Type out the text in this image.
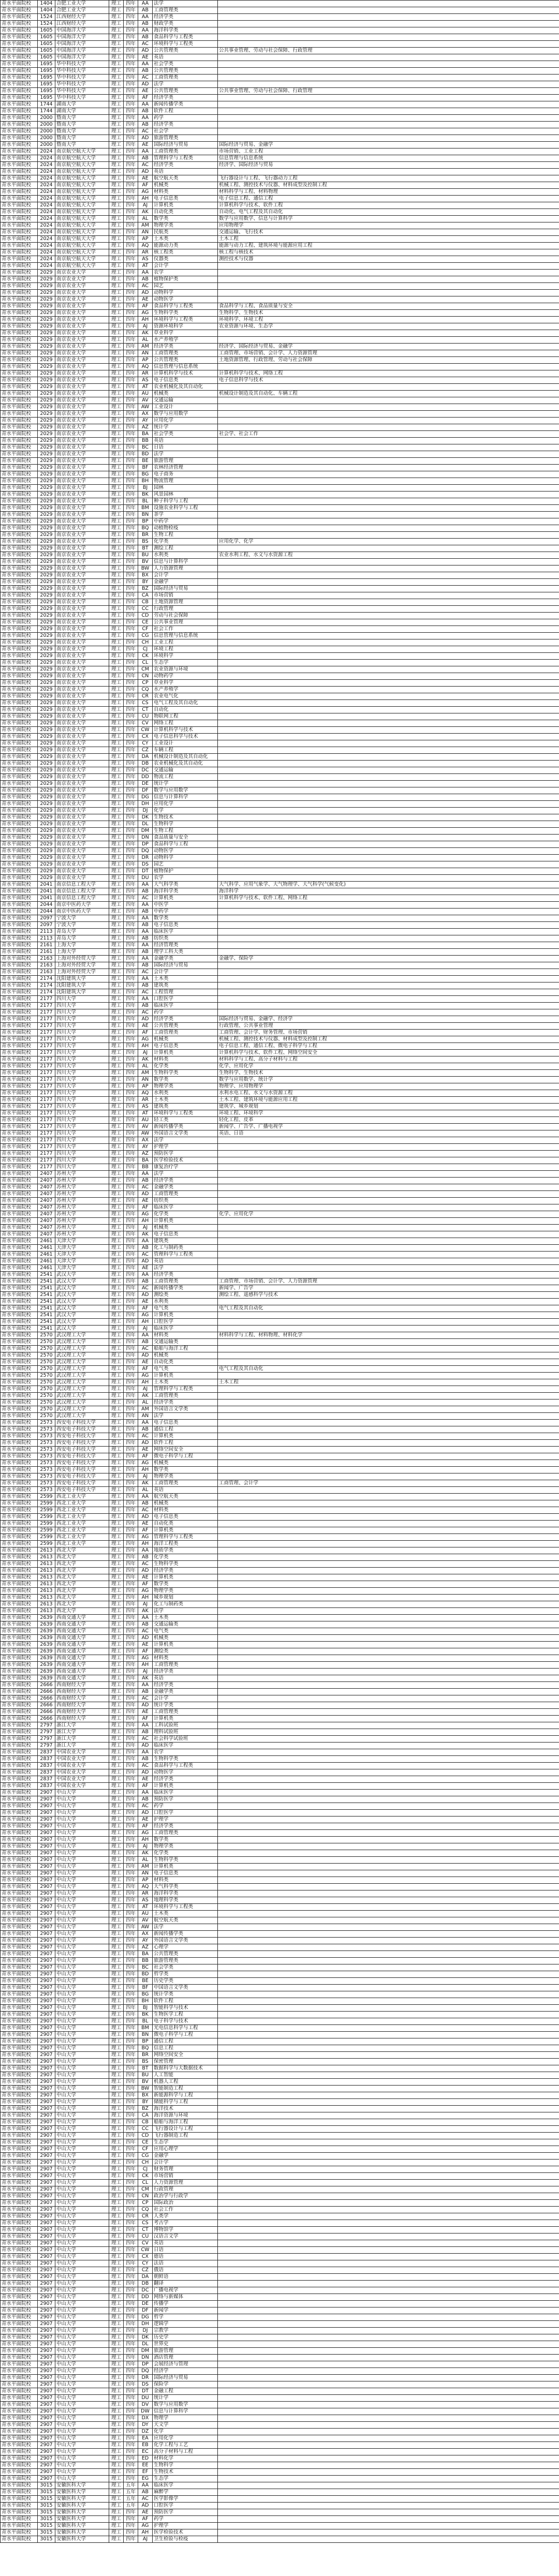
青水平面院校	1404	合肥工业大学	理工	四年	AA	法学	
青水平面院校	1404	合肥工业大学	理工	四年	AB	工商管理类	
青水平面院校	1524	江西财经大学	理工	四年	AA	经济学类	
青水平面院校	1524	江西财经大学	理工	四年	AB	财政学类	
青水平面院校	1605	中国海洋大学	理工	四年	AA	海洋科学类	
青水平面院校	1605	中国海洋大学	理工	四年	AB	食品科学与工程类	
青水平面院校	1605	中国海洋大学	理工	四年	AC	环境科学与工程类	
青水平面院校	1605	中国海洋大学	理工	四年	AD	公共管理类	公共事业管理、劳动与社会保障、行政管理
青水平面院校	1605	中国海洋大学	理工	四年	AE	英语	
青水平面院校	1695	华中科技大学	理工	四年	AA	社会学类	
青水平面院校	1695	华中科技大学	理工	四年	AB	公共管理类	
青水平面院校	1695	华中科技大学	理工	四年	AC	工商管理类	
青水平面院校	1695	华中科技大学	理工	四年	AD	法学	
青水平面院校	1695	华中科技大学	理工	四年	AE	公共管理类	公共事业管理、劳动与社会保障、行政管理
青水平面院校	1695	华中科技大学	理工	四年	AF	经济学类	
青水平面院校	1744	湖南大学	理工	四年	AA	新闻传播学类	
青水平面院校	1744	湖南大学	理工	四年	AB	软件工程	
青水平面院校	2000	暨南大学	理工	四年	AA	药学	
青水平面院校	2000	暨南大学	理工	四年	AB	经济学类	
青水平面院校	2000	暨南大学	理工	四年	AC	社会学	
青水平面院校	2000	暨南大学	理工	四年	AD	旅游管理类	
青水平面院校	2000	暨南大学	理工	四年	AE	国际经济与贸易	国际经济与贸易、金融学
青水平面院校	2024	南京航空航天大学	理工	四年	AA	工商管理类	市场营销、工业工程
青水平面院校	2024	南京航空航天大学	理工	四年	AB	管理科学与工程类	信息管理与信息系统
青水平面院校	2024	南京航空航天大学	理工	四年	AC	经济学类	经济学、国际经济与贸易
青水平面院校	2024	南京航空航天大学	理工	四年	AD	英语	
青水平面院校	2024	南京航空航天大学	理工	四年	AE	航空航天类	飞行器设计与工程、飞行器动力工程
青水平面院校	2024	南京航空航天大学	理工	四年	AF	机械类	机械工程、测控技术与仪器、材料成型及控制工程
青水平面院校	2024	南京航空航天大学	理工	四年	AG	材料类	材料科学与工程、材料物理
青水平面院校	2024	南京航空航天大学	理工	四年	AH	电子信息类	电子信息工程、通信工程
青水平面院校	2024	南京航空航天大学	理工	四年	AJ	计算机类	计算机科学与技术、软件工程
青水平面院校	2024	南京航空航天大学	理工	四年	AK	自动化类	自动化、电气工程及其自动化
青水平面院校	2024	南京航空航天大学	理工	四年	AL	数学类	数学与应用数学、信息与计算科学
青水平面院校	2024	南京航空航天大学	理工	四年	AM	物理学类	应用物理学
青水平面院校	2024	南京航空航天大学	理工	四年	AN	民航类	交通运输、飞行技术
青水平面院校	2024	南京航空航天大学	理工	四年	AP	土木类	土木工程
青水平面院校	2024	南京航空航天大学	理工	四年	AQ	能源动力类	能源与动力工程、建筑环境与能源应用工程
青水平面院校	2024	南京航空航天大学	理工	四年	AR	核工程类	核工程与核技术
青水平面院校	2024	南京航空航天大学	理工	四年	AS	仪器类	测控技术与仪器
青水平面院校	2024	南京航空航天大学	理工	四年	AT	会计学	
青水平面院校	2029	南京农业大学	理工	四年	AA	农学	
青水平面院校	2029	南京农业大学	理工	四年	AB	植物保护类	
青水平面院校	2029	南京农业大学	理工	四年	AC	园艺	
青水平面院校	2029	南京农业大学	理工	四年	AD	动物科学	
青水平面院校	2029	南京农业大学	理工	四年	AE	动物医学	
青水平面院校	2029	南京农业大学	理工	四年	AF	食品科学与工程类	食品科学与工程、食品质量与安全
青水平面院校	2029	南京农业大学	理工	四年	AG	生物科学类	生物科学、生物技术
青水平面院校	2029	南京农业大学	理工	四年	AH	环境科学与工程类	环境科学、环境工程
青水平面院校	2029	南京农业大学	理工	四年	AJ	资源环境科学	农业资源与环境、生态学
青水平面院校	2029	南京农业大学	理工	四年	AK	草业科学	
青水平面院校	2029	南京农业大学	理工	四年	AL	水产养殖学	
青水平面院校	2029	南京农业大学	理工	四年	AM	经济学类	经济学、国际经济与贸易、金融学
青水平面院校	2029	南京农业大学	理工	四年	AN	工商管理类	工商管理、市场营销、会计学、人力资源管理
青水平面院校	2029	南京农业大学	理工	四年	AP	公共管理类	土地资源管理、行政管理、劳动与社会保障
青水平面院校	2029	南京农业大学	理工	四年	AQ	信息管理与信息系统	
青水平面院校	2029	南京农业大学	理工	四年	AR	计算机科学与技术	计算机科学与技术、网络工程
青水平面院校	2029	南京农业大学	理工	四年	AS	电子信息类	电子信息科学与技术
青水平面院校	2029	南京农业大学	理工	四年	AT	农业机械化及其自动化	
青水平面院校	2029	南京农业大学	理工	四年	AU	机械类	机械设计制造及其自动化、车辆工程
青水平面院校	2029	南京农业大学	理工	四年	AV	交通运输	
青水平面院校	2029	南京农业大学	理工	四年	AW	工业设计	
青水平面院校	2029	南京农业大学	理工	四年	AX	数学与应用数学	
青水平面院校	2029	南京农业大学	理工	四年	AY	应用化学	
青水平面院校	2029	南京农业大学	理工	四年	AZ	统计学	
青水平面院校	2029	南京农业大学	理工	四年	BA	社会学类	社会学、社会工作
青水平面院校	2029	南京农业大学	理工	四年	BB	英语	
青水平面院校	2029	南京农业大学	理工	四年	BC	日语	
青水平面院校	2029	南京农业大学	理工	四年	BD	法学	
青水平面院校	2029	南京农业大学	理工	四年	BE	旅游管理	
青水平面院校	2029	南京农业大学	理工	四年	BF	农林经济管理	
青水平面院校	2029	南京农业大学	理工	四年	BG	电子商务	
青水平面院校	2029	南京农业大学	理工	四年	BH	物流管理	
青水平面院校	2029	南京农业大学	理工	四年	BJ	园林	
青水平面院校	2029	南京农业大学	理工	四年	BK	风景园林	
青水平面院校	2029	南京农业大学	理工	四年	BL	种子科学与工程	
青水平面院校	2029	南京农业大学	理工	四年	BM	设施农业科学与工程	
青水平面院校	2029	南京农业大学	理工	四年	BN	茶学	
青水平面院校	2029	南京农业大学	理工	四年	BP	中药学	
青水平面院校	2029	南京农业大学	理工	四年	BQ	动植物检疫	
青水平面院校	2029	南京农业大学	理工	四年	BR	生物工程	
青水平面院校	2029	南京农业大学	理工	四年	BS	化学类	应用化学、化学
青水平面院校	2029	南京农业大学	理工	四年	BT	测绘工程	
青水平面院校	2029	南京农业大学	理工	四年	BU	水利类	农业水利工程、水文与水资源工程
青水平面院校	2029	南京农业大学	理工	四年	BV	信息与计算科学	
青水平面院校	2029	南京农业大学	理工	四年	BW	人力资源管理	
青水平面院校	2029	南京农业大学	理工	四年	BX	会计学	
青水平面院校	2029	南京农业大学	理工	四年	BY	金融学	
青水平面院校	2029	南京农业大学	理工	四年	BZ	国际经济与贸易	
青水平面院校	2029	南京农业大学	理工	四年	CA	市场营销	
青水平面院校	2029	南京农业大学	理工	四年	CB	土地资源管理	
青水平面院校	2029	南京农业大学	理工	四年	CC	行政管理	
青水平面院校	2029	南京农业大学	理工	四年	CD	劳动与社会保障	
青水平面院校	2029	南京农业大学	理工	四年	CE	公共事业管理	
青水平面院校	2029	南京农业大学	理工	四年	CF	社会工作	
青水平面院校	2029	南京农业大学	理工	四年	CG	信息管理与信息系统	
青水平面院校	2029	南京农业大学	理工	四年	CH	工业工程	
青水平面院校	2029	南京农业大学	理工	四年	CJ	环境工程	
青水平面院校	2029	南京农业大学	理工	四年	CK	环境科学	
青水平面院校	2029	南京农业大学	理工	四年	CL	生态学	
青水平面院校	2029	南京农业大学	理工	四年	CM	农业资源与环境	
青水平面院校	2029	南京农业大学	理工	四年	CN	动物药学	
青水平面院校	2029	南京农业大学	理工	四年	CP	草业科学	
青水平面院校	2029	南京农业大学	理工	四年	CQ	水产养殖学	
青水平面院校	2029	南京农业大学	理工	四年	CR	农业电气化	
青水平面院校	2029	南京农业大学	理工	四年	CS	电气工程及其自动化	
青水平面院校	2029	南京农业大学	理工	四年	CT	自动化	
青水平面院校	2029	南京农业大学	理工	四年	CU	物联网工程	
青水平面院校	2029	南京农业大学	理工	四年	CV	网络工程	
青水平面院校	2029	南京农业大学	理工	四年	CW	计算机科学与技术	
青水平面院校	2029	南京农业大学	理工	四年	CX	电子信息科学与技术	
青水平面院校	2029	南京农业大学	理工	四年	CY	工业设计	
青水平面院校	2029	南京农业大学	理工	四年	CZ	车辆工程	
青水平面院校	2029	南京农业大学	理工	四年	DA	机械设计制造及其自动化	
青水平面院校	2029	南京农业大学	理工	四年	DB	农业机械化及其自动化	
青水平面院校	2029	南京农业大学	理工	四年	DC	交通运输	
青水平面院校	2029	南京农业大学	理工	四年	DD	物流工程	
青水平面院校	2029	南京农业大学	理工	四年	DE	统计学	
青水平面院校	2029	南京农业大学	理工	四年	DF	数学与应用数学	
青水平面院校	2029	南京农业大学	理工	四年	DG	信息与计算科学	
青水平面院校	2029	南京农业大学	理工	四年	DH	应用化学	
青水平面院校	2029	南京农业大学	理工	四年	DJ	化学	
青水平面院校	2029	南京农业大学	理工	四年	DK	生物技术	
青水平面院校	2029	南京农业大学	理工	四年	DL	生物科学	
青水平面院校	2029	南京农业大学	理工	四年	DM	生物工程	
青水平面院校	2029	南京农业大学	理工	四年	DN	食品质量与安全	
青水平面院校	2029	南京农业大学	理工	四年	DP	食品科学与工程	
青水平面院校	2029	南京农业大学	理工	四年	DQ	动物医学	
青水平面院校	2029	南京农业大学	理工	四年	DR	动物科学	
青水平面院校	2029	南京农业大学	理工	四年	DS	园艺	
青水平面院校	2029	南京农业大学	理工	四年	DT	植物保护	
青水平面院校	2029	南京农业大学	理工	四年	DU	农学	
青水平面院校	2041	南京信息工程大学	理工	四年	AA	大气科学类	大气科学、应用气象学、大气物理学、大气科学(气候变化)
青水平面院校	2041	南京信息工程大学	理工	四年	AB	海洋科学类	海洋科学
青水平面院校	2041	南京信息工程大学	理工	四年	AC	计算机类	计算机科学与技术、软件工程、网络工程
青水平面院校	2044	南京中医药大学	理工	四年	AA	中医学	
青水平面院校	2044	南京中医药大学	理工	四年	AB	中药学	
青水平面院校	2097	宁波大学	理工	四年	AA	数学类	
青水平面院校	2097	宁波大学	理工	四年	AB	电子信息类	
青水平面院校	2113	青岛大学	理工	四年	AA	临床医学	
青水平面院校	2113	青岛大学	理工	四年	AB	纺织类	
青水平面院校	2161	上海大学	理工	四年	AA	经济管理类	
青水平面院校	2161	上海大学	理工	四年	AB	理学工科大类	
青水平面院校	2163	上海对外经贸大学	理工	四年	AA	金融学类	金融学、保险学
青水平面院校	2163	上海对外经贸大学	理工	四年	AB	国际经济与贸易	
青水平面院校	2163	上海对外经贸大学	理工	四年	AC	会计学	
青水平面院校	2174	沈阳建筑大学	理工	四年	AA	土木类	
青水平面院校	2174	沈阳建筑大学	理工	四年	AB	建筑类	
青水平面院校	2174	沈阳建筑大学	理工	四年	AC	工程管理	
青水平面院校	2177	四川大学	理工	四年	AA	口腔医学	
青水平面院校	2177	四川大学	理工	四年	AB	临床医学	
青水平面院校	2177	四川大学	理工	四年	AC	药学	
青水平面院校	2177	四川大学	理工	四年	AD	经济学类	国际经济与贸易、金融学、经济学
青水平面院校	2177	四川大学	理工	四年	AE	公共管理类	行政管理、公共事业管理
青水平面院校	2177	四川大学	理工	四年	AF	工商管理类	工商管理、会计学、财务管理、市场营销
青水平面院校	2177	四川大学	理工	四年	AG	机械类	机械工程、测控技术与仪器、材料成型及控制工程
青水平面院校	2177	四川大学	理工	四年	AH	电子信息类	电子信息工程、通信工程、微电子科学与工程
青水平面院校	2177	四川大学	理工	四年	AJ	计算机类	计算机科学与技术、软件工程、网络空间安全
青水平面院校	2177	四川大学	理工	四年	AK	材料类	材料科学与工程、高分子材料与工程
青水平面院校	2177	四川大学	理工	四年	AL	化学类	化学、应用化学
青水平面院校	2177	四川大学	理工	四年	AM	生物科学类	生物科学、生物技术
青水平面院校	2177	四川大学	理工	四年	AN	数学类	数学与应用数学、统计学
青水平面院校	2177	四川大学	理工	四年	AP	物理学类	物理学、应用物理学
青水平面院校	2177	四川大学	理工	四年	AQ	水利类	水利水电工程、水文与水资源工程
青水平面院校	2177	四川大学	理工	四年	AR	土木类	土木工程、建筑环境与能源应用工程
青水平面院校	2177	四川大学	理工	四年	AS	建筑类	建筑学、城乡规划
青水平面院校	2177	四川大学	理工	四年	AT	环境科学与工程类	环境工程、环境科学
青水平面院校	2177	四川大学	理工	四年	AU	轻工类	轻化工程、皮革
青水平面院校	2177	四川大学	理工	四年	AV	新闻传播学类	新闻学、广告学、广播电视学
青水平面院校	2177	四川大学	理工	四年	AW	外国语言文学类	英语、日语
青水平面院校	2177	四川大学	理工	四年	AX	法学	
青水平面院校	2177	四川大学	理工	四年	AY	护理学	
青水平面院校	2177	四川大学	理工	四年	AZ	预防医学	
青水平面院校	2177	四川大学	理工	四年	BA	医学检验技术	
青水平面院校	2177	四川大学	理工	四年	BB	康复治疗学	
青水平面院校	2407	苏州大学	理工	四年	AA	法学	
青水平面院校	2407	苏州大学	理工	四年	AB	经济学类	
青水平面院校	2407	苏州大学	理工	四年	AC	金融学类	
青水平面院校	2407	苏州大学	理工	四年	AD	工商管理类	
青水平面院校	2407	苏州大学	理工	四年	AE	纺织类	
青水平面院校	2407	苏州大学	理工	四年	AF	临床医学	
青水平面院校	2407	苏州大学	理工	四年	AG	化学类	化学、应用化学
青水平面院校	2407	苏州大学	理工	四年	AH	计算机类	
青水平面院校	2407	苏州大学	理工	四年	AJ	机械类	
青水平面院校	2407	苏州大学	理工	四年	AK	电子信息类	
青水平面院校	2461	天津大学	理工	四年	AA	建筑类	
青水平面院校	2461	天津大学	理工	四年	AB	化工与制药类	
青水平面院校	2461	天津大学	理工	四年	AC	管理科学与工程类	
青水平面院校	2461	天津大学	理工	四年	AD	英语	
青水平面院校	2461	天津大学	理工	四年	AE	法学	
青水平面院校	2541	武汉大学	理工	四年	AA	经济学类	
青水平面院校	2541	武汉大学	理工	四年	AB	工商管理类	工商管理、市场营销、会计学、人力资源管理
青水平面院校	2541	武汉大学	理工	四年	AC	新闻传播学类	新闻学、广告学
青水平面院校	2541	武汉大学	理工	四年	AD	测绘类	测绘工程、遥感科学与技术
青水平面院校	2541	武汉大学	理工	四年	AE	水利类	
青水平面院校	2541	武汉大学	理工	四年	AF	电气类	电气工程及其自动化
青水平面院校	2541	武汉大学	理工	四年	AG	计算机类	
青水平面院校	2541	武汉大学	理工	四年	AH	口腔医学	
青水平面院校	2541	武汉大学	理工	四年	AJ	临床医学	
青水平面院校	2570	武汉理工大学	理工	四年	AA	材料类	材料科学与工程、材料物理、材料化学
青水平面院校	2570	武汉理工大学	理工	四年	AB	交通运输类	
青水平面院校	2570	武汉理工大学	理工	四年	AC	船舶与海洋工程	
青水平面院校	2570	武汉理工大学	理工	四年	AD	机械类	
青水平面院校	2570	武汉理工大学	理工	四年	AE	自动化类	
青水平面院校	2570	武汉理工大学	理工	四年	AF	电气类	电气工程及其自动化
青水平面院校	2570	武汉理工大学	理工	四年	AG	计算机类	
青水平面院校	2570	武汉理工大学	理工	四年	AH	土木类	土木工程
青水平面院校	2570	武汉理工大学	理工	四年	AJ	管理科学与工程类	
青水平面院校	2570	武汉理工大学	理工	四年	AK	工商管理类	
青水平面院校	2570	武汉理工大学	理工	四年	AL	经济学类	
青水平面院校	2570	武汉理工大学	理工	四年	AM	外国语言文学类	
青水平面院校	2570	武汉理工大学	理工	四年	AN	法学	
青水平面院校	2573	西安电子科技大学	理工	四年	AA	电子信息类	
青水平面院校	2573	西安电子科技大学	理工	四年	AB	通信工程	
青水平面院校	2573	西安电子科技大学	理工	四年	AC	计算机类	
青水平面院校	2573	西安电子科技大学	理工	四年	AD	软件工程	
青水平面院校	2573	西安电子科技大学	理工	四年	AE	网络空间安全	
青水平面院校	2573	西安电子科技大学	理工	四年	AF	微电子科学与工程	
青水平面院校	2573	西安电子科技大学	理工	四年	AG	机械类	
青水平面院校	2573	西安电子科技大学	理工	四年	AH	数学类	
青水平面院校	2573	西安电子科技大学	理工	四年	AJ	物理学类	
青水平面院校	2573	西安电子科技大学	理工	四年	AK	工商管理类	工商管理、会计学
青水平面院校	2573	西安电子科技大学	理工	四年	AL	英语	
青水平面院校	2599	西北工业大学	理工	四年	AA	航空航天类	
青水平面院校	2599	西北工业大学	理工	四年	AB	机械类	
青水平面院校	2599	西北工业大学	理工	四年	AC	材料类	
青水平面院校	2599	西北工业大学	理工	四年	AD	电子信息类	
青水平面院校	2599	西北工业大学	理工	四年	AE	自动化类	
青水平面院校	2599	西北工业大学	理工	四年	AF	计算机类	
青水平面院校	2599	西北工业大学	理工	四年	AG	管理科学与工程类	
青水平面院校	2599	西北工业大学	理工	四年	AH	海洋工程类	
青水平面院校	2613	西北大学	理工	四年	AA	地质学类	
青水平面院校	2613	西北大学	理工	四年	AB	化学类	
青水平面院校	2613	西北大学	理工	四年	AC	生物科学类	
青水平面院校	2613	西北大学	理工	四年	AD	经济学类	
青水平面院校	2613	西北大学	理工	四年	AE	计算机类	
青水平面院校	2613	西北大学	理工	四年	AF	数学类	
青水平面院校	2613	西北大学	理工	四年	AG	物理学类	
青水平面院校	2613	西北大学	理工	四年	AH	城乡规划	
青水平面院校	2613	西北大学	理工	四年	AJ	化工与制药类	
青水平面院校	2613	西北大学	理工	四年	AK	法学	
青水平面院校	2639	西南交通大学	理工	四年	AA	土木类	
青水平面院校	2639	西南交通大学	理工	四年	AB	交通运输类	
青水平面院校	2639	西南交通大学	理工	四年	AC	电气类	
青水平面院校	2639	西南交通大学	理工	四年	AD	机械类	
青水平面院校	2639	西南交通大学	理工	四年	AE	计算机类	
青水平面院校	2639	西南交通大学	理工	四年	AF	测绘类	
青水平面院校	2639	西南交通大学	理工	四年	AG	材料类	
青水平面院校	2639	西南交通大学	理工	四年	AH	工商管理类	
青水平面院校	2639	西南交通大学	理工	四年	AJ	经济学类	
青水平面院校	2639	西南交通大学	理工	四年	AK	英语	
青水平面院校	2666	西南财经大学	理工	四年	AA	经济学类	
青水平面院校	2666	西南财经大学	理工	四年	AB	金融学类	
青水平面院校	2666	西南财经大学	理工	四年	AC	会计学	
青水平面院校	2666	西南财经大学	理工	四年	AD	统计学类	
青水平面院校	2666	西南财经大学	理工	四年	AE	工商管理类	
青水平面院校	2666	西南财经大学	理工	四年	AF	计算机类	
青水平面院校	2797	浙江大学	理工	四年	AA	工科试验班	
青水平面院校	2797	浙江大学	理工	四年	AB	理科试验班	
青水平面院校	2797	浙江大学	理工	四年	AC	社会科学试验班	
青水平面院校	2797	浙江大学	理工	四年	AD	临床医学	
青水平面院校	2837	中国农业大学	理工	四年	AA	农学	
青水平面院校	2837	中国农业大学	理工	四年	AB	生物科学类	
青水平面院校	2837	中国农业大学	理工	四年	AC	食品科学与工程类	
青水平面院校	2837	中国农业大学	理工	四年	AD	动物医学	
青水平面院校	2837	中国农业大学	理工	四年	AE	经济学类	
青水平面院校	2837	中国农业大学	理工	四年	AF	计算机类	
青水平面院校	2907	中山大学	理工	四年	AA	临床医学	
青水平面院校	2907	中山大学	理工	四年	AB	预防医学	
青水平面院校	2907	中山大学	理工	四年	AC	药学	
青水平面院校	2907	中山大学	理工	四年	AD	口腔医学	
青水平面院校	2907	中山大学	理工	四年	AE	护理学	
青水平面院校	2907	中山大学	理工	四年	AF	经济学类	
青水平面院校	2907	中山大学	理工	四年	AG	工商管理类	
青水平面院校	2907	中山大学	理工	四年	AH	数学类	
青水平面院校	2907	中山大学	理工	四年	AJ	物理学类	
青水平面院校	2907	中山大学	理工	四年	AK	化学类	
青水平面院校	2907	中山大学	理工	四年	AL	生物科学类	
青水平面院校	2907	中山大学	理工	四年	AM	计算机类	
青水平面院校	2907	中山大学	理工	四年	AN	电子信息类	
青水平面院校	2907	中山大学	理工	四年	AP	材料类	
青水平面院校	2907	中山大学	理工	四年	AQ	大气科学类	
青水平面院校	2907	中山大学	理工	四年	AR	海洋科学类	
青水平面院校	2907	中山大学	理工	四年	AS	地理科学类	
青水平面院校	2907	中山大学	理工	四年	AT	环境科学与工程类	
青水平面院校	2907	中山大学	理工	四年	AU	土木类	
青水平面院校	2907	中山大学	理工	四年	AV	航空航天类	
青水平面院校	2907	中山大学	理工	四年	AW	法学	
青水平面院校	2907	中山大学	理工	四年	AX	新闻传播学类	
青水平面院校	2907	中山大学	理工	四年	AY	外国语言文学类	
青水平面院校	2907	中山大学	理工	四年	AZ	心理学	
青水平面院校	2907	中山大学	理工	四年	BA	公共管理类	
青水平面院校	2907	中山大学	理工	四年	BB	旅游管理类	
青水平面院校	2907	中山大学	理工	四年	BC	社会学类	
青水平面院校	2907	中山大学	理工	四年	BD	哲学类	
青水平面院校	2907	中山大学	理工	四年	BE	历史学类	
青水平面院校	2907	中山大学	理工	四年	BF	中国语言文学类	
青水平面院校	2907	中山大学	理工	四年	BG	统计学类	
青水平面院校	2907	中山大学	理工	四年	BH	软件工程	
青水平面院校	2907	中山大学	理工	四年	BJ	智能科学与技术	
青水平面院校	2907	中山大学	理工	四年	BK	生物医学工程	
青水平面院校	2907	中山大学	理工	四年	BL	电子科学与技术	
青水平面院校	2907	中山大学	理工	四年	BM	光电信息科学与工程	
青水平面院校	2907	中山大学	理工	四年	BN	微电子科学与工程	
青水平面院校	2907	中山大学	理工	四年	BP	通信工程	
青水平面院校	2907	中山大学	理工	四年	BQ	信息工程	
青水平面院校	2907	中山大学	理工	四年	BR	网络空间安全	
青水平面院校	2907	中山大学	理工	四年	BS	保密管理	
青水平面院校	2907	中山大学	理工	四年	BT	数据科学与大数据技术	
青水平面院校	2907	中山大学	理工	四年	BU	人工智能	
青水平面院校	2907	中山大学	理工	四年	BV	机器人工程	
青水平面院校	2907	中山大学	理工	四年	BW	智能制造工程	
青水平面院校	2907	中山大学	理工	四年	BX	新能源科学与工程	
青水平面院校	2907	中山大学	理工	四年	BY	储能科学与工程	
青水平面院校	2907	中山大学	理工	四年	BZ	海洋技术	
青水平面院校	2907	中山大学	理工	四年	CA	海洋资源与环境	
青水平面院校	2907	中山大学	理工	四年	CB	船舶与海洋工程	
青水平面院校	2907	中山大学	理工	四年	CC	飞行器设计与工程	
青水平面院校	2907	中山大学	理工	四年	CD	飞行器制造工程	
青水平面院校	2907	中山大学	理工	四年	CE	生态学	
青水平面院校	2907	中山大学	理工	四年	CF	应用心理学	
青水平面院校	2907	中山大学	理工	四年	CG	金融学	
青水平面院校	2907	中山大学	理工	四年	CH	会计学	
青水平面院校	2907	中山大学	理工	四年	CJ	财务管理	
青水平面院校	2907	中山大学	理工	四年	CK	市场营销	
青水平面院校	2907	中山大学	理工	四年	CL	人力资源管理	
青水平面院校	2907	中山大学	理工	四年	CM	行政管理	
青水平面院校	2907	中山大学	理工	四年	CN	政治学与行政学	
青水平面院校	2907	中山大学	理工	四年	CP	国际政治	
青水平面院校	2907	中山大学	理工	四年	CQ	社会工作	
青水平面院校	2907	中山大学	理工	四年	CR	人类学	
青水平面院校	2907	中山大学	理工	四年	CS	考古学	
青水平面院校	2907	中山大学	理工	四年	CT	博物馆学	
青水平面院校	2907	中山大学	理工	四年	CU	汉语言文学	
青水平面院校	2907	中山大学	理工	四年	CV	英语	
青水平面院校	2907	中山大学	理工	四年	CW	日语	
青水平面院校	2907	中山大学	理工	四年	CX	德语	
青水平面院校	2907	中山大学	理工	四年	CY	法语	
青水平面院校	2907	中山大学	理工	四年	CZ	俄语	
青水平面院校	2907	中山大学	理工	四年	DA	朝鲜语	
青水平面院校	2907	中山大学	理工	四年	DB	翻译	
青水平面院校	2907	中山大学	理工	四年	DC	广播电视学	
青水平面院校	2907	中山大学	理工	四年	DD	网络与新媒体	
青水平面院校	2907	中山大学	理工	四年	DE	传播学	
青水平面院校	2907	中山大学	理工	四年	DF	新闻学	
青水平面院校	2907	中山大学	理工	四年	DG	哲学	
青水平面院校	2907	中山大学	理工	四年	DH	逻辑学	
青水平面院校	2907	中山大学	理工	四年	DJ	宗教学	
青水平面院校	2907	中山大学	理工	四年	DK	历史学	
青水平面院校	2907	中山大学	理工	四年	DL	世界史	
青水平面院校	2907	中山大学	理工	四年	DM	旅游管理	
青水平面院校	2907	中山大学	理工	四年	DN	酒店管理	
青水平面院校	2907	中山大学	理工	四年	DP	会展经济与管理	
青水平面院校	2907	中山大学	理工	四年	DQ	经济学	
青水平面院校	2907	中山大学	理工	四年	DR	国际经济与贸易	
青水平面院校	2907	中山大学	理工	四年	DS	保险学	
青水平面院校	2907	中山大学	理工	四年	DT	金融工程	
青水平面院校	2907	中山大学	理工	四年	DU	统计学	
青水平面院校	2907	中山大学	理工	四年	DV	数学与应用数学	
青水平面院校	2907	中山大学	理工	四年	DW	信息与计算科学	
青水平面院校	2907	中山大学	理工	四年	DX	物理学	
青水平面院校	2907	中山大学	理工	四年	DY	天文学	
青水平面院校	2907	中山大学	理工	四年	DZ	化学	
青水平面院校	2907	中山大学	理工	四年	EA	应用化学	
青水平面院校	2907	中山大学	理工	四年	EB	化学工程与工艺	
青水平面院校	2907	中山大学	理工	四年	EC	高分子材料与工程	
青水平面院校	2907	中山大学	理工	四年	ED	材料化学	
青水平面院校	2907	中山大学	理工	四年	EE	生物科学	
青水平面院校	2907	中山大学	理工	四年	EF	生物技术	
青水平面院校	2907	中山大学	理工	四年	EG	生态学	
青水平面院校	3015	安徽医科大学	理工	五年	AA	临床医学	
青水平面院校	3015	安徽医科大学	理工	五年	AB	麻醉学	
青水平面院校	3015	安徽医科大学	理工	五年	AC	医学影像学	
青水平面院校	3015	安徽医科大学	理工	五年	AD	口腔医学	
青水平面院校	3015	安徽医科大学	理工	四年	AE	预防医学	
青水平面院校	3015	安徽医科大学	理工	四年	AF	药学	
青水平面院校	3015	安徽医科大学	理工	四年	AG	护理学	
青水平面院校	3015	安徽医科大学	理工	四年	AH	医学检验技术	
青水平面院校	3015	安徽医科大学	理工	四年	AJ	卫生检验与检疫	
